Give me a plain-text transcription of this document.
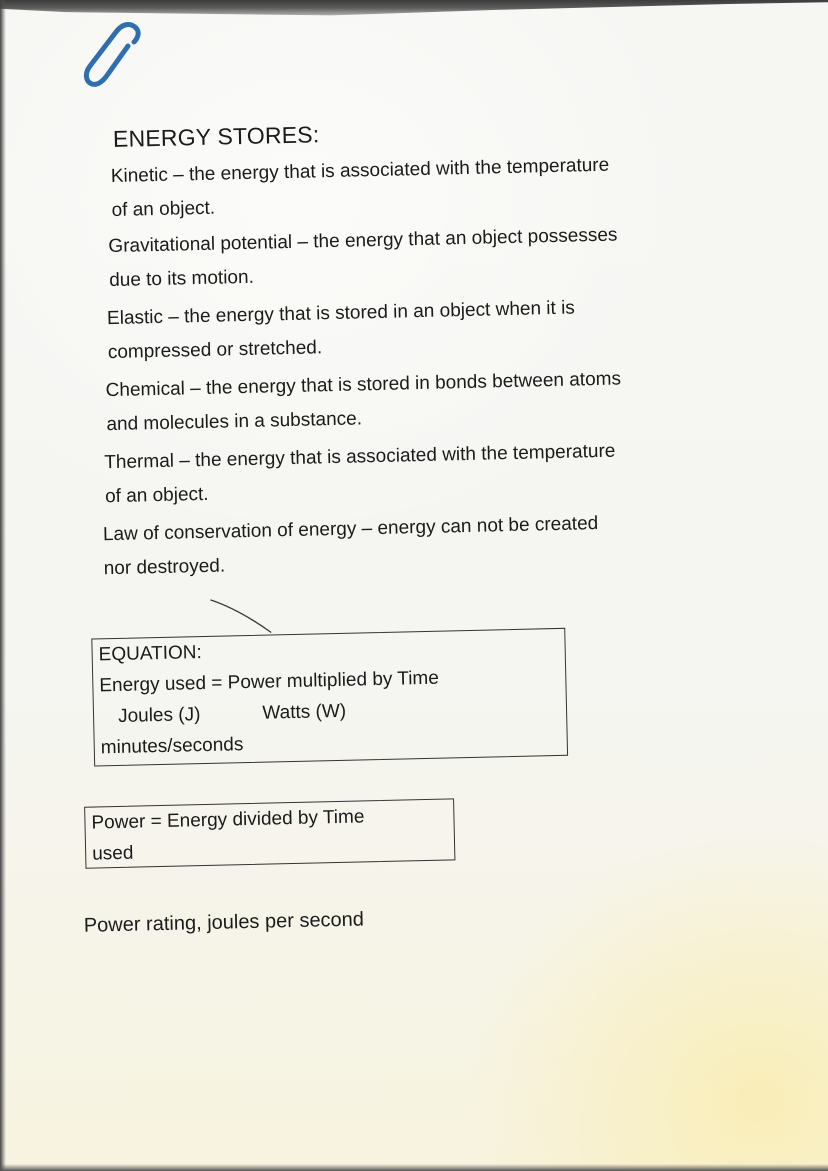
ENERGY STORES:

Kinetic – the energy that is associated with the temperature
of an object.

Gravitational potential – the energy that an object possesses
due to its motion.

Elastic – the energy that is stored in an object when it is
compressed or stretched.

Chemical – the energy that is stored in bonds between atoms
and molecules in a substance.

Thermal – the energy that is associated with the temperature
of an object.

Law of conservation of energy – energy can not be created
nor destroyed.

EQUATION:
Energy used = Power multiplied by Time
Joules (J)	Watts (W)
minutes/seconds
Power = Energy divided by Time
used
Power rating, joules per second
